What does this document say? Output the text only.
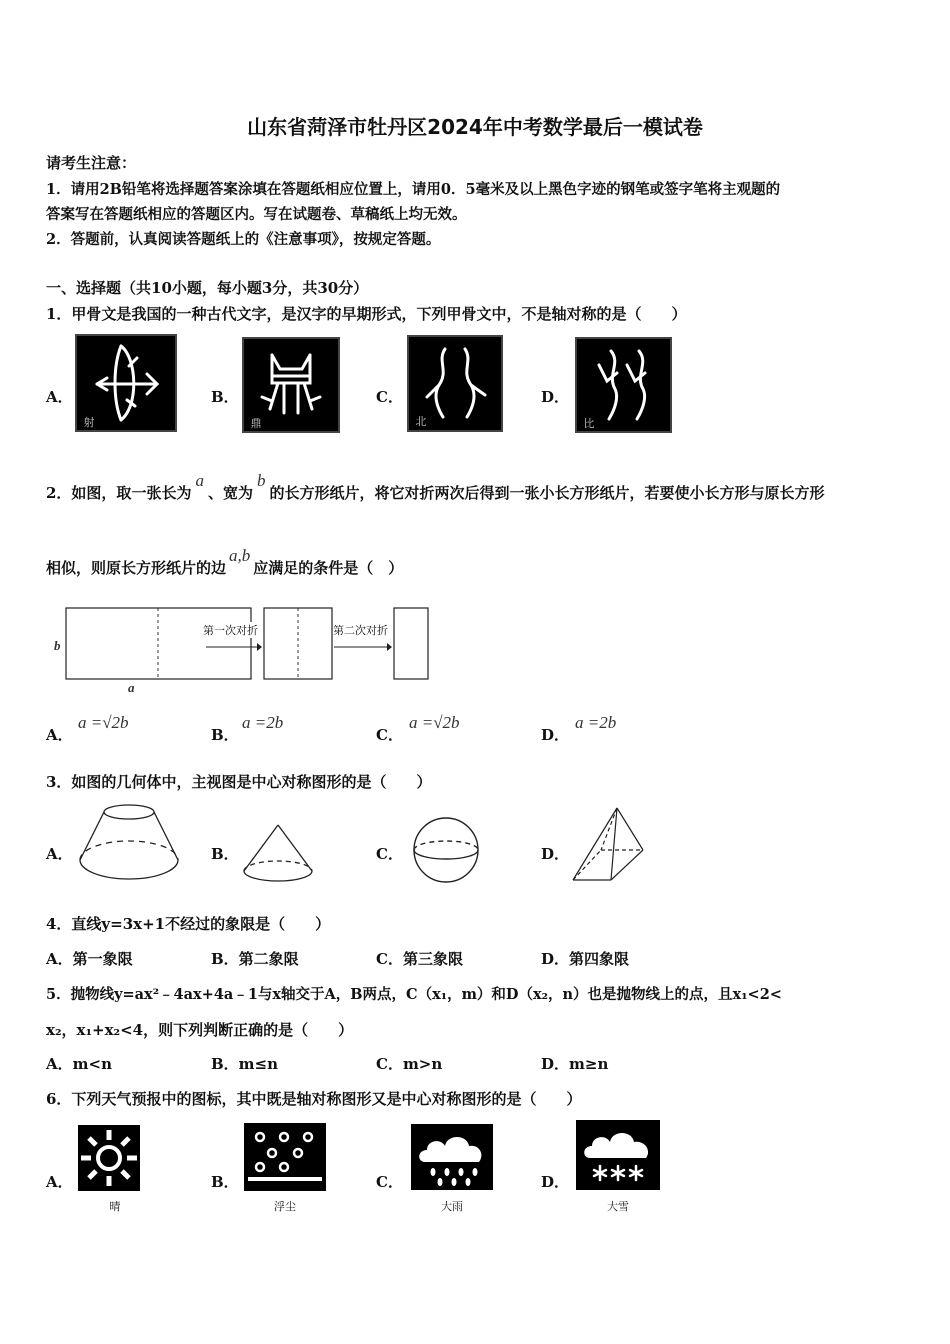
山东省菏泽市牡丹区2024年中考数学最后一模试卷
请考生注意：
1．请用2B铅笔将选择题答案涂填在答题纸相应位置上，请用0．5毫米及以上黑色字迹的钢笔或签字笔将主观题的
答案写在答题纸相应的答题区内。写在试题卷、草稿纸上均无效。
2．答题前，认真阅读答题纸上的《注意事项》，按规定答题。
一、选择题（共10小题，每小题3分，共30分）
1．甲骨文是我国的一种古代文字，是汉字的早期形式，下列甲骨文中，不是轴对称的是（　　）
A．
射
B．
鼎
C．
北
D．
比
2．如图，取一张长为a、宽为b的长方形纸片，将它对折两次后得到一张小长方形纸片，若要使小长方形与原长方形
相似，则原长方形纸片的边a,b应满足的条件是（　）
b
a
第一次对折	第二次对折
A．
a =√2b
B．
a =2b
C．
a =√2b
D．
a =2b
3．如图的几何体中，主视图是中心对称图形的是（　　）
A．	B．	C．	D．
4．直线y=3x+1不经过的象限是（　　）
A．第一象限	B．第二象限	C．第三象限	D．第四象限
5．抛物线y=ax²﹣4ax+4a﹣1与x轴交于A，B两点，C（x₁，m）和D（x₂，n）也是抛物线上的点，且x₁<2<
x₂，x₁+x₂<4，则下列判断正确的是（　　）
A．m<n	B．m≤n	C．m>n	D．m≥n
6．下列天气预报中的图标，其中既是轴对称图形又是中心对称图形的是（　　）
A．
晴
B．
浮尘
C．
大雨
D．
大雪
